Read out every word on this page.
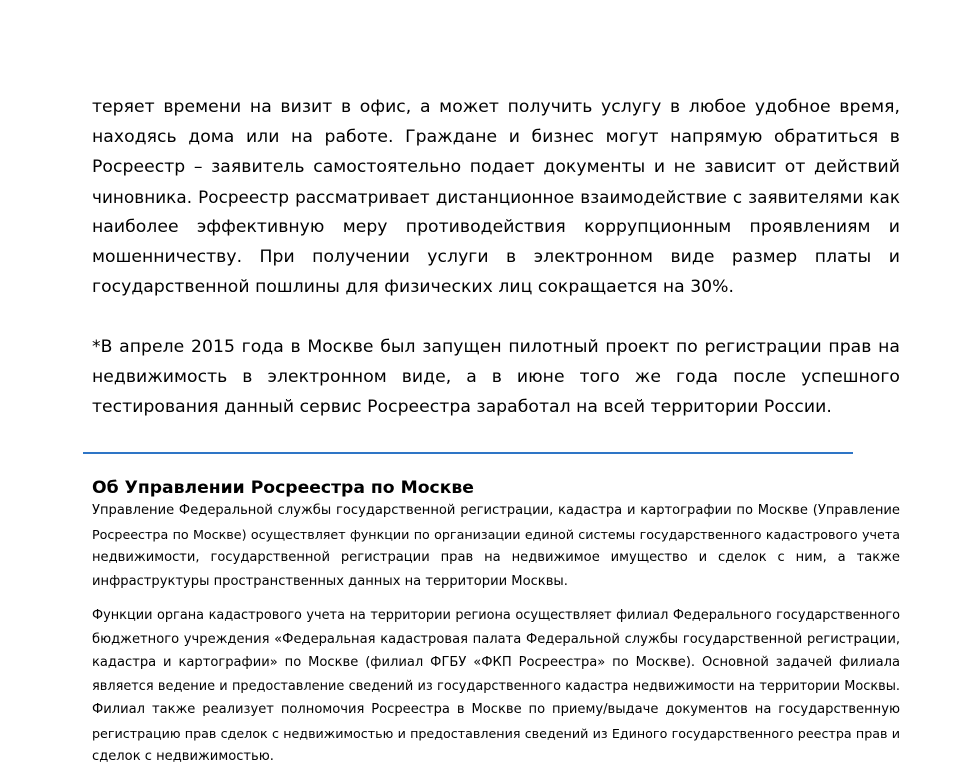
теряет времени на визит в офис, а может получить услугу в любое удобное время,
находясь дома или на работе. Граждане и бизнес могут напрямую обратиться в
Росреестр – заявитель самостоятельно подает документы и не зависит от действий
чиновника. Росреестр рассматривает дистанционное взаимодействие с заявителями как
наиболее эффективную меру противодействия коррупционным проявлениям и
мошенничеству. При получении услуги в электронном виде размер платы и
государственной пошлины для физических лиц сокращается на 30%.
*В апреле 2015 года в Москве был запущен пилотный проект по регистрации прав на
недвижимость в электронном виде, а в июне того же года после успешного
тестирования данный сервис Росреестра заработал на всей территории России.
Об Управлении Росреестра по Москве
Управление Федеральной службы государственной регистрации, кадастра и картографии по Москве (Управление
Росреестра по Москве) осуществляет функции по организации единой системы государственного кадастрового учета
недвижимости, государственной регистрации прав на недвижимое имущество и сделок с ним, а также
инфраструктуры пространственных данных на территории Москвы.
Функции органа кадастрового учета на территории региона осуществляет филиал Федерального государственного
бюджетного учреждения «Федеральная кадастровая палата Федеральной службы государственной регистрации,
кадастра и картографии» по Москве (филиал ФГБУ «ФКП Росреестра» по Москве). Основной задачей филиала
является ведение и предоставление сведений из государственного кадастра недвижимости на территории Москвы.
Филиал также реализует полномочия Росреестра в Москве по приему/выдаче документов на государственную
регистрацию прав сделок с недвижимостью и предоставления сведений из Единого государственного реестра прав и
сделок с недвижимостью.
